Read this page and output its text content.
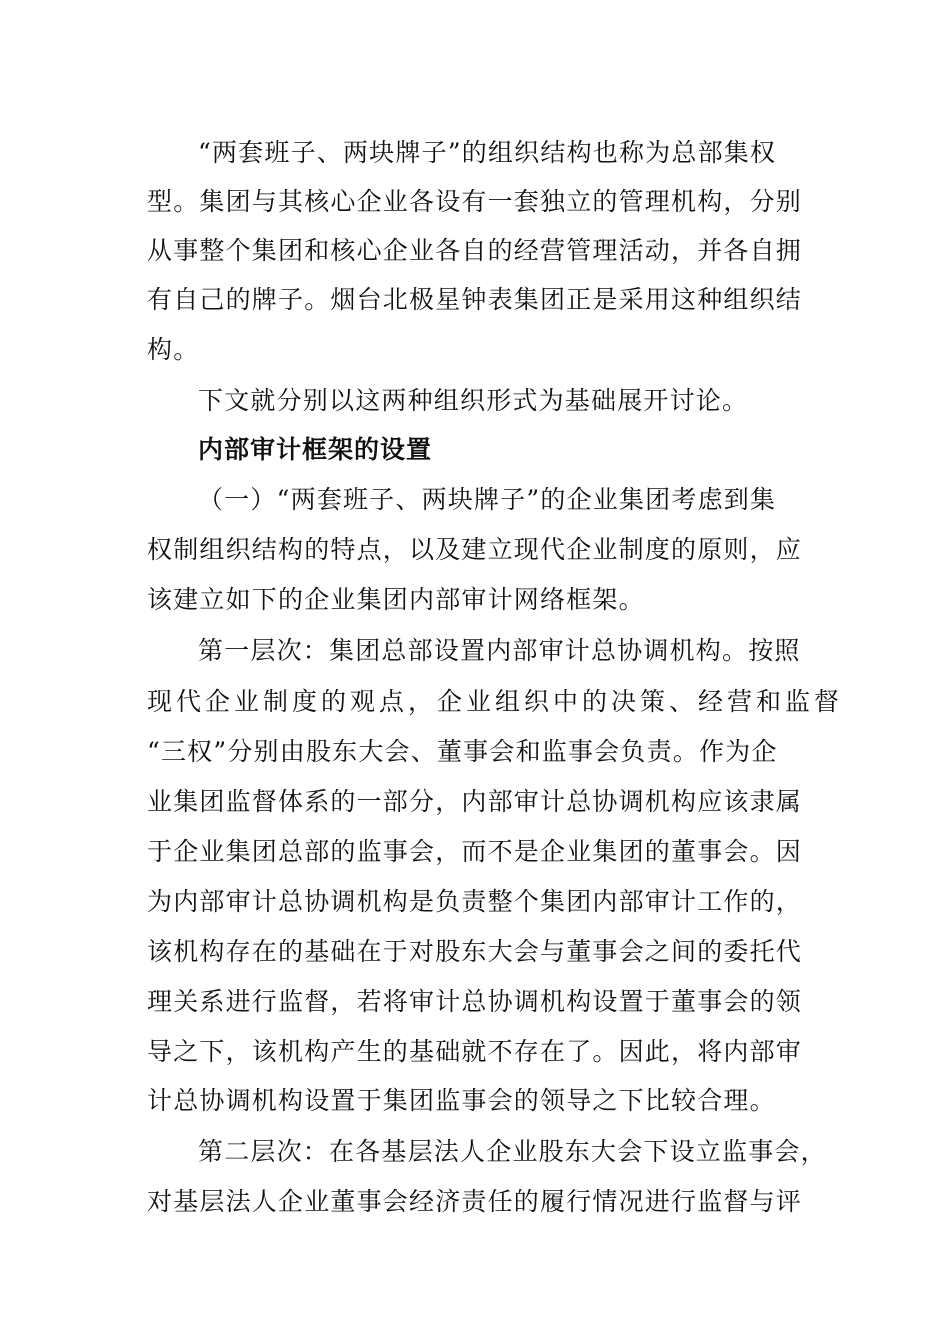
“两套班子、两块牌子”的组织结构也称为总部集权
型。集团与其核心企业各设有一套独立的管理机构，分别
从事整个集团和核心企业各自的经营管理活动，并各自拥
有自己的牌子。烟台北极星钟表集团正是采用这种组织结
构。
下文就分别以这两种组织形式为基础展开讨论。
内部审计框架的设置
（一）“两套班子、两块牌子”的企业集团考虑到集
权制组织结构的特点，以及建立现代企业制度的原则，应
该建立如下的企业集团内部审计网络框架。
第一层次：集团总部设置内部审计总协调机构。按照
现代企业制度的观点，企业组织中的决策、经营和监督
“三权”分别由股东大会、董事会和监事会负责。作为企
业集团监督体系的一部分，内部审计总协调机构应该隶属
于企业集团总部的监事会，而不是企业集团的董事会。因
为内部审计总协调机构是负责整个集团内部审计工作的，
该机构存在的基础在于对股东大会与董事会之间的委托代
理关系进行监督，若将审计总协调机构设置于董事会的领
导之下，该机构产生的基础就不存在了。因此，将内部审
计总协调机构设置于集团监事会的领导之下比较合理。
第二层次：在各基层法人企业股东大会下设立监事会，
对基层法人企业董事会经济责任的履行情况进行监督与评
